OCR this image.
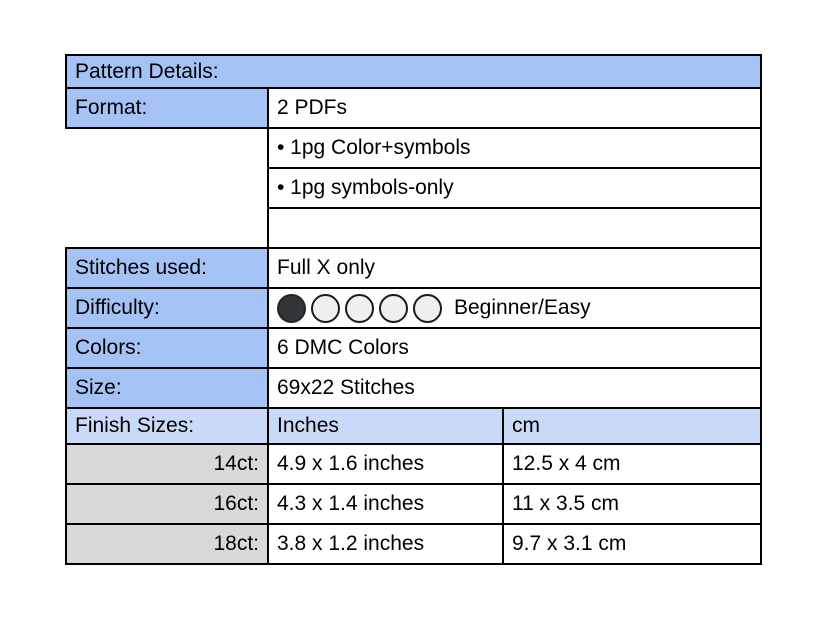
Pattern Details:		
Format:	2 PDFs	
	• 1pg Color+symbols	
	• 1pg symbols-only	

Stitches used:	Full X only	
Difficulty:	Beginner/Easy	

Colors:	6 DMC Colors	
Size:	69x22 Stitches	
Finish Sizes:	Inches	cm
14ct:	4.9 x 1.6 inches	12.5 x 4 cm
16ct:	4.3 x 1.4 inches	11 x 3.5 cm
18ct:	3.8 x 1.2 inches	9.7 x 3.1 cm
